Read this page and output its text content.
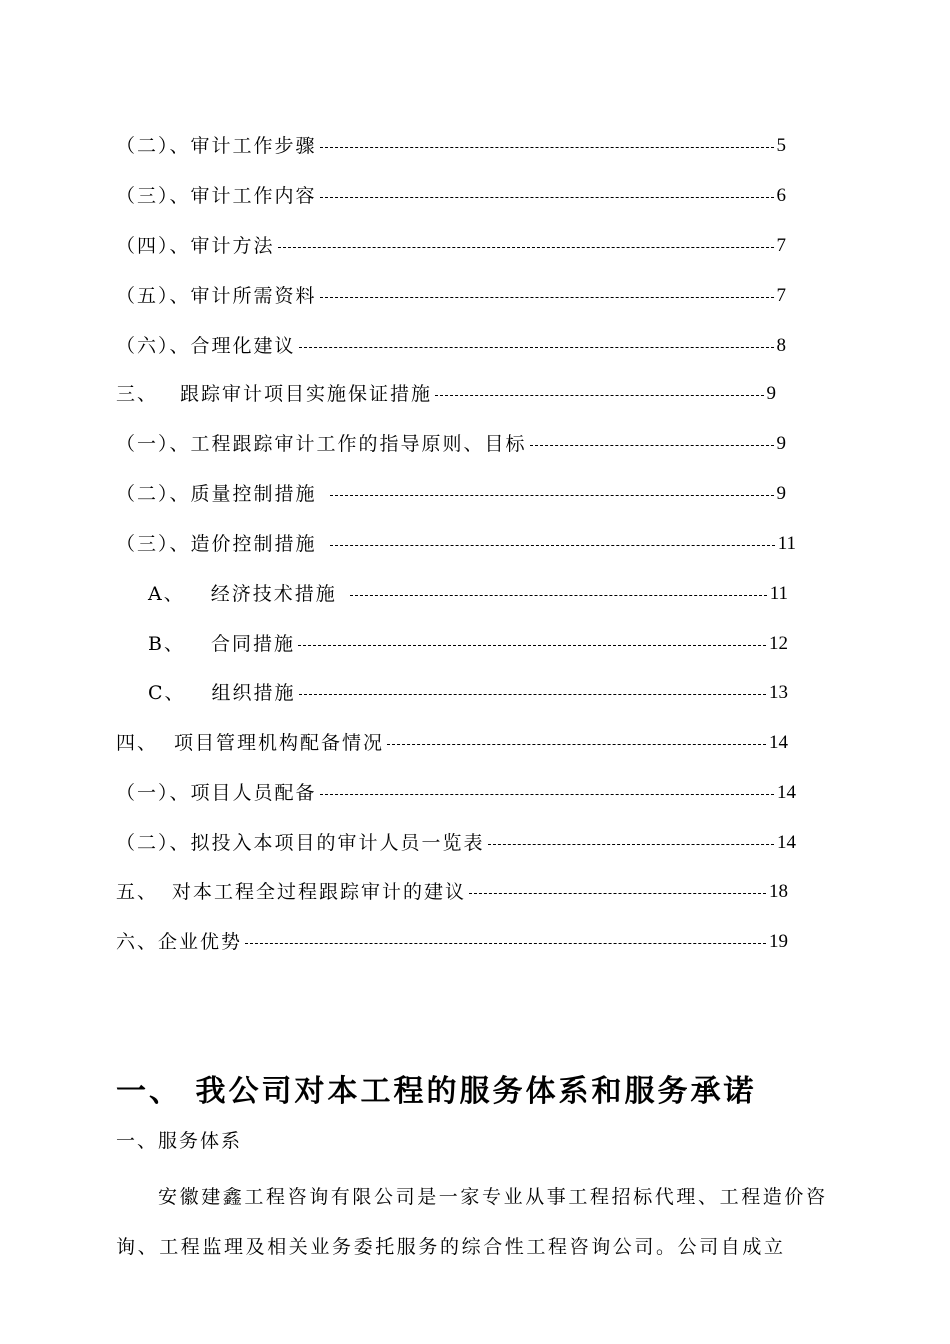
（二）、审计工作步骤	5
（三）、审计工作内容	6
（四）、审计方法	7
（五）、审计所需资料	7
（六）、合理化建议	8
三、 跟踪审计项目实施保证措施	9
（一）、工程跟踪审计工作的指导原则、目标	9
（二）、质量控制措施	9
（三）、造价控制措施	11
A、 经济技术措施	11
B、 合同措施	12
C、 组织措施	13
四、 项目管理机构配备情况	14
（一）、项目人员配备	14
（二）、拟投入本项目的审计人员一览表	14
五、 对本工程全过程跟踪审计的建议	18
六、企业优势	19
一、 我公司对本工程的服务体系和服务承诺
一、服务体系
安徽建鑫工程咨询有限公司是一家专业从事工程招标代理、工程造价咨询、工程监理及相关业务委托服务的综合性工程咨询公司。公司自成立
